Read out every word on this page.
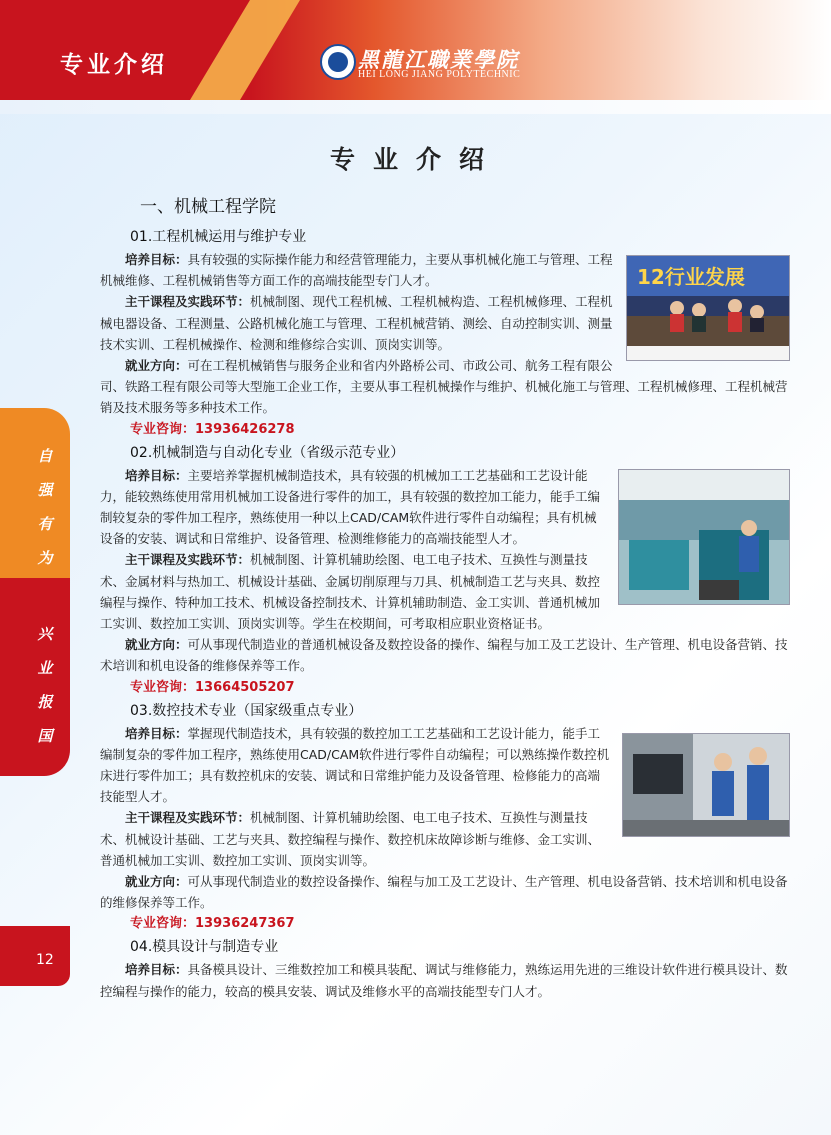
专业介绍	黑龍江職業學院
HEI LONG JIANG POLYTECHNIC
自
强
有
为
兴
业
报
国
12
专业介绍
一、机械工程学院
01.工程机械运用与维护专业
12行业发展

培养目标：具有较强的实际操作能力和经营管理能力，主要从事机械化施工与管理、工程机械维修、工程机械销售等方面工作的高端技能型专门人才。

主干课程及实践环节：机械制图、现代工程机械、工程机械构造、工程机械修理、工程机械电器设备、工程测量、公路机械化施工与管理、工程机械营销、测绘、自动控制实训、测量技术实训、工程机械操作、检测和维修综合实训、顶岗实训等。

就业方向：可在工程机械销售与服务企业和省内外路桥公司、市政公司、航务工程有限公司、铁路工程有限公司等大型施工企业工作，主要从事工程机械操作与维护、机械化施工与管理、工程机械修理、工程机械营销及技术服务等多种技术工作。

专业咨询：13936426278
02.机械制造与自动化专业（省级示范专业）

培养目标：主要培养掌握机械制造技术，具有较强的机械加工工艺基础和工艺设计能力，能较熟练使用常用机械加工设备进行零件的加工，具有较强的数控加工能力，能手工编制较复杂的零件加工程序，熟练使用一种以上CAD/CAM软件进行零件自动编程；具有机械设备的安装、调试和日常维护、设备管理、检测维修能力的高端技能型人才。

主干课程及实践环节：机械制图、计算机辅助绘图、电工电子技术、互换性与测量技术、金属材料与热加工、机械设计基础、金属切削原理与刀具、机械制造工艺与夹具、数控编程与操作、特种加工技术、机械设备控制技术、计算机辅助制造、金工实训、普通机械加工实训、数控加工实训、顶岗实训等。学生在校期间，可考取相应职业资格证书。

就业方向：可从事现代制造业的普通机械设备及数控设备的操作、编程与加工及工艺设计、生产管理、机电设备营销、技术培训和机电设备的维修保养等工作。

专业咨询：13664505207
03.数控技术专业（国家级重点专业）

培养目标：掌握现代制造技术，具有较强的数控加工工艺基础和工艺设计能力，能手工编制复杂的零件加工程序，熟练使用CAD/CAM软件进行零件自动编程；可以熟练操作数控机床进行零件加工；具有数控机床的安装、调试和日常维护能力及设备管理、检修能力的高端技能型人才。

主干课程及实践环节：机械制图、计算机辅助绘图、电工电子技术、互换性与测量技术、机械设计基础、工艺与夹具、数控编程与操作、数控机床故障诊断与维修、金工实训、普通机械加工实训、数控加工实训、顶岗实训等。

就业方向：可从事现代制造业的数控设备操作、编程与加工及工艺设计、生产管理、机电设备营销、技术培训和机电设备的维修保养等工作。

专业咨询：13936247367
04.模具设计与制造专业

培养目标：具备模具设计、三维数控加工和模具装配、调试与维修能力，熟练运用先进的三维设计软件进行模具设计、数控编程与操作的能力，较高的模具安装、调试及维修水平的高端技能型专门人才。
